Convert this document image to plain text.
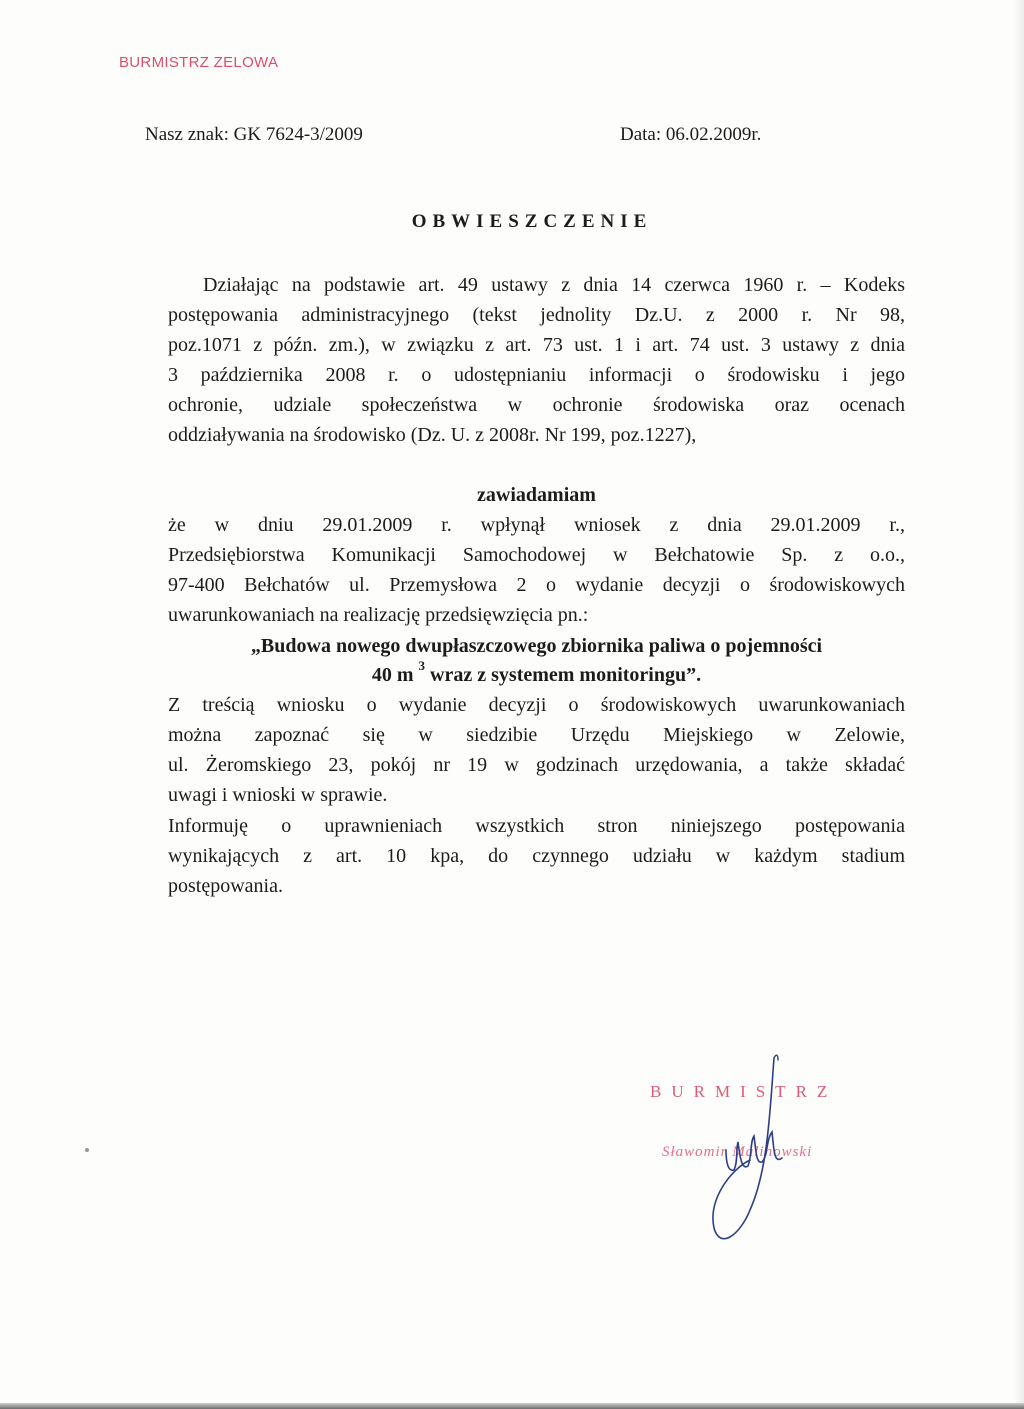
BURMISTRZ ZELOWA
Nasz znak: GK 7624-3/2009	Data: 06.02.2009r.
OBWIESZCZENIE
Działając na podstawie art. 49 ustawy z dnia 14 czerwca 1960 r. – Kodeks
postępowania administracyjnego (tekst jednolity Dz.U. z 2000 r. Nr 98,
poz.1071 z późn. zm.), w związku z art. 73 ust. 1 i art. 74 ust. 3 ustawy z dnia
3 października 2008 r. o udostępnianiu informacji o środowisku i jego
ochronie, udziale społeczeństwa w ochronie środowiska oraz ocenach
oddziaływania na środowisko (Dz. U. z 2008r. Nr 199, poz.1227),
zawiadamiam
że w dniu 29.01.2009 r. wpłynął wniosek z dnia 29.01.2009 r.,
Przedsiębiorstwa Komunikacji Samochodowej w Bełchatowie Sp. z o.o.,
97-400 Bełchatów ul. Przemysłowa 2 o wydanie decyzji o środowiskowych
uwarunkowaniach na realizację przedsięwzięcia pn.:
„Budowa nowego dwupłaszczowego zbiornika paliwa o pojemności
40 m $^3$ wraz z systemem monitoringu”.
Z treścią wniosku o wydanie decyzji o środowiskowych uwarunkowaniach
można zapoznać się w siedzibie Urzędu Miejskiego w Zelowie,
ul. Żeromskiego 23, pokój nr 19 w godzinach urzędowania, a także składać
uwagi i wnioski w sprawie.
Informuję o uprawnieniach wszystkich stron niniejszego postępowania
wynikających z art. 10 kpa, do czynnego udziału w każdym stadium
postępowania.
BURMISTRZ
Sławomir Malinowski
